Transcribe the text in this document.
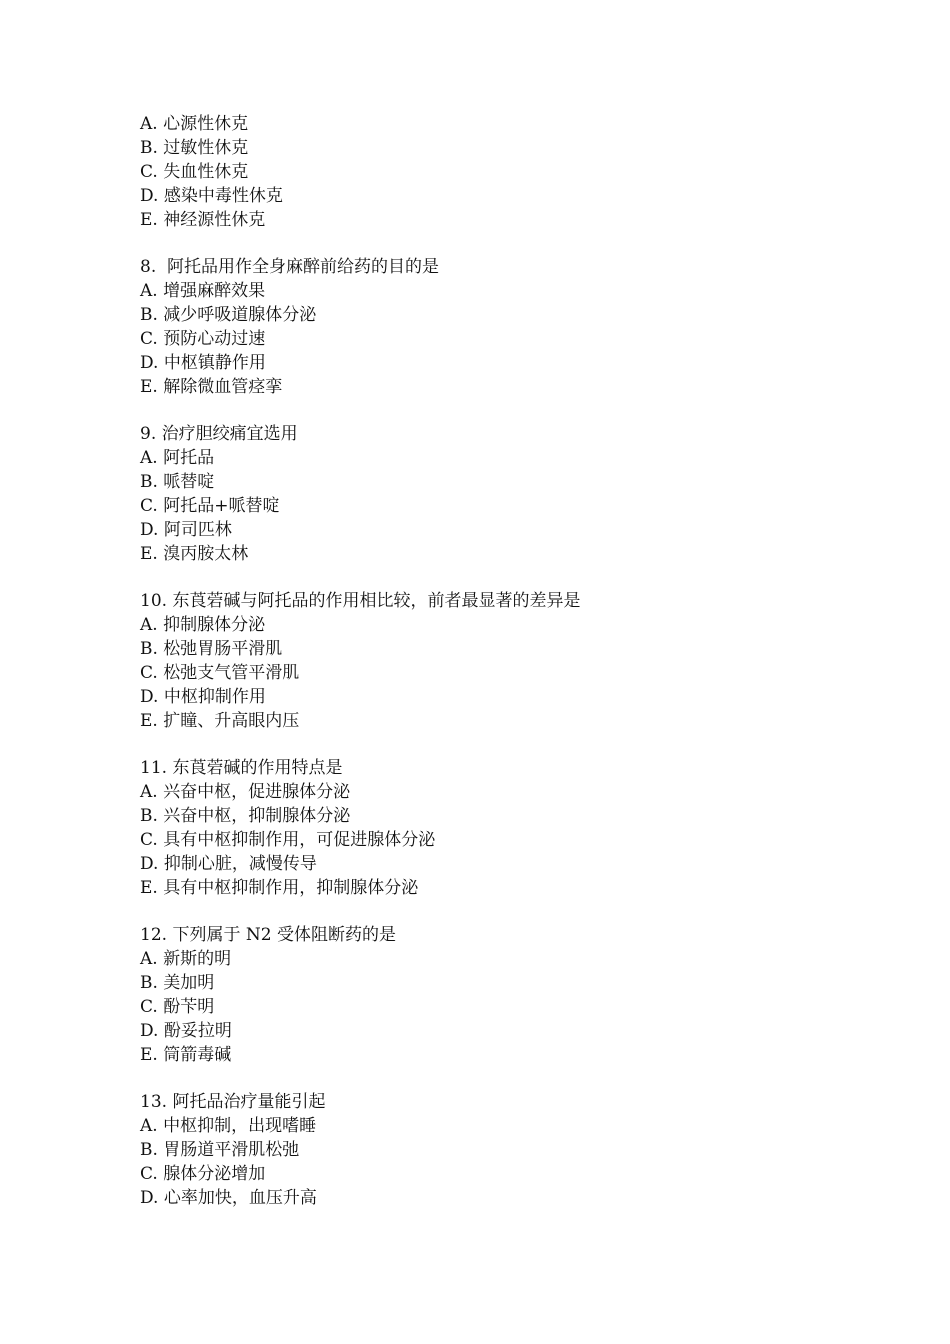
A. 心源性休克
B. 过敏性休克
C. 失血性休克
D. 感染中毒性休克
E. 神经源性休克
8.  阿托品用作全身麻醉前给药的目的是
A. 增强麻醉效果
B. 减少呼吸道腺体分泌
C. 预防心动过速
D. 中枢镇静作用
E. 解除微血管痉挛
9. 治疗胆绞痛宜选用
A. 阿托品
B. 哌替啶
C. 阿托品+哌替啶
D. 阿司匹林
E. 溴丙胺太林
10. 东莨菪碱与阿托品的作用相比较，前者最显著的差异是
A. 抑制腺体分泌
B. 松弛胃肠平滑肌
C. 松弛支气管平滑肌
D. 中枢抑制作用
E. 扩瞳、升高眼内压
11. 东莨菪碱的作用特点是
A. 兴奋中枢，促进腺体分泌
B. 兴奋中枢，抑制腺体分泌
C. 具有中枢抑制作用，可促进腺体分泌
D. 抑制心脏，减慢传导
E. 具有中枢抑制作用，抑制腺体分泌
12. 下列属于 N2 受体阻断药的是
A. 新斯的明
B. 美加明
C. 酚苄明
D. 酚妥拉明
E. 筒箭毒碱
13. 阿托品治疗量能引起
A. 中枢抑制，出现嗜睡
B. 胃肠道平滑肌松弛
C. 腺体分泌增加
D. 心率加快，血压升高
